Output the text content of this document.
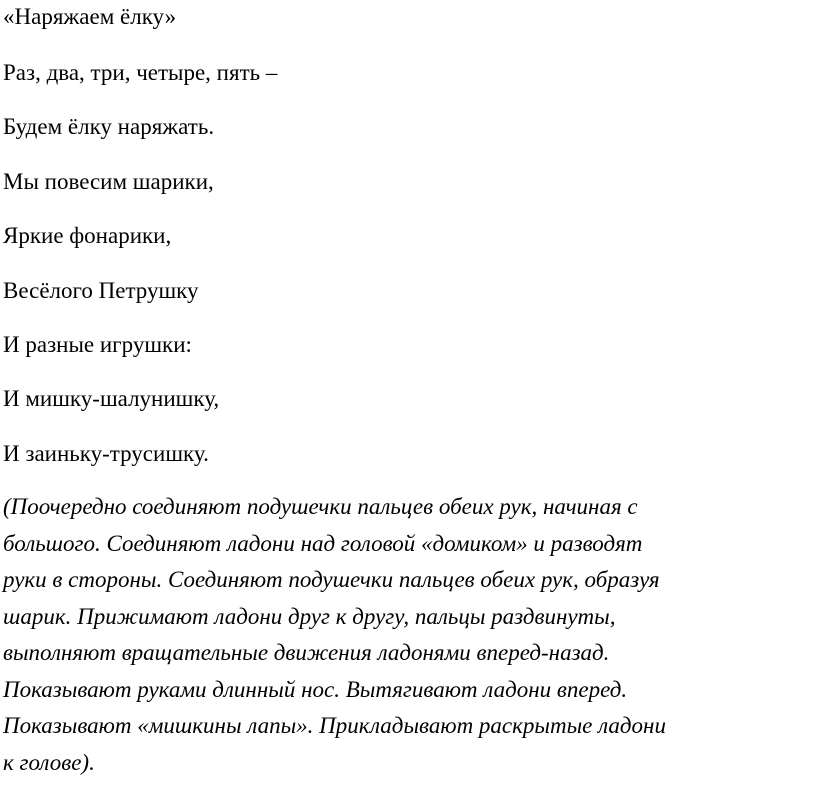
«Наряжаем ёлку»

Раз, два, три, четыре, пять –

Будем ёлку наряжать.

Мы повесим шарики,

Яркие фонарики,

Весёлого Петрушку

И разные игрушки:

И мишку-шалунишку,

И заиньку-трусишку.

(Поочередно соединяют подушечки пальцев обеих рук, начиная с
большого. Соединяют ладони над головой «домиком» и разводят
руки в стороны. Соединяют подушечки пальцев обеих рук, образуя
шарик. Прижимают ладони друг к другу, пальцы раздвинуты,
выполняют вращательные движения ладонями вперед-назад.
Показывают руками длинный нос. Вытягивают ладони вперед.
Показывают «мишкины лапы». Прикладывают раскрытые ладони
к голове).
